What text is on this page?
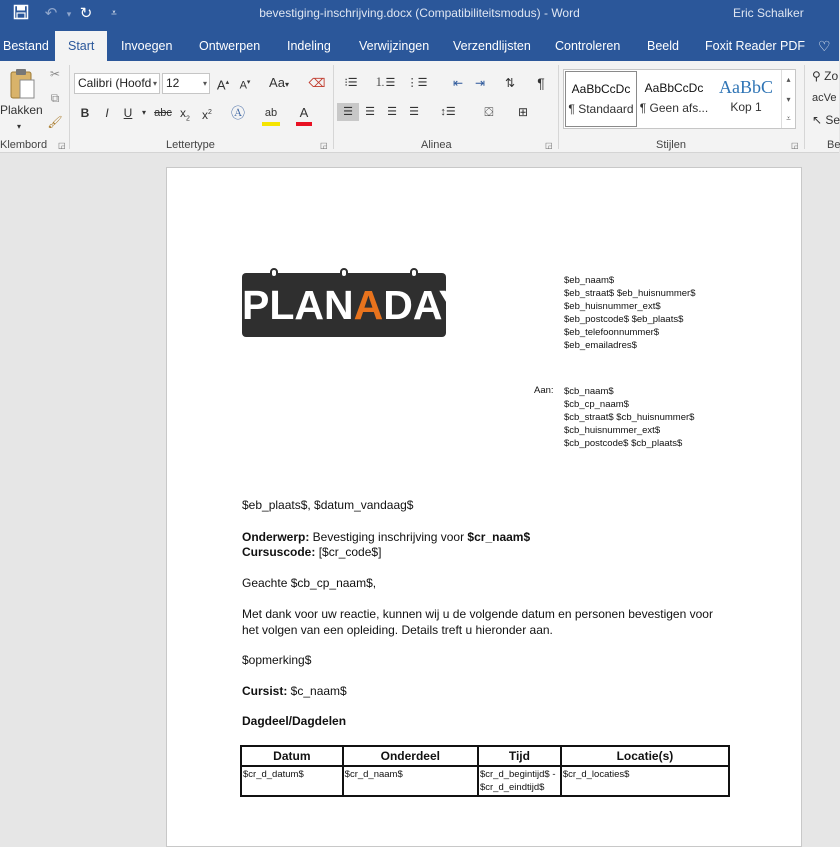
↶	▾ ↻	⩡	bevestiging-inschrijving.docx (Compatibiliteitsmodus) - Word	Eric Schalker
Bestand	Start	Invoegen Ontwerpen Indeling Verwijzingen Verzendlijsten Controleren Beeld Foxit Reader PDF ♡
Plakken
▾
✂
⧉
🖌
Klembord ◲
Calibri (Hoofd ▾ 12	▾ A▴ A▾	Aa▾	⌫
B	I	U	▾ abc $x_2$	$x^2$ Ⓐ ab A
Lettertype	◲
⁝☰	⒈☰ ⋮☰	⇤ ⇥	⇅	¶
☰	☰	☰	☰	↕☰	⛋	⊞
Alinea	◲
AaBbCcDc
¶ Standaard
AaBbCcDc
¶ Geen afs...
AaBbC
Kop 1
▴
▾
⩡
Stijlen	◲
⚲ Zo
acVe
↖ Se
Be
PLANADAY
$eb_naam$
$eb_straat$ $eb_huisnummer$
$eb_huisnummer_ext$
$eb_postcode$ $eb_plaats$
$eb_telefoonnummer$
$eb_emailadres$
Aan: $cb_naam$
$cb_cp_naam$
$cb_straat$ $cb_huisnummer$
$cb_huisnummer_ext$
$cb_postcode$ $cb_plaats$
$eb_plaats$, $datum_vandaag$
Onderwerp: Bevestiging inschrijving voor $cr_naam$
Cursuscode: [$cr_code$]
Geachte $cb_cp_naam$,
Met dank voor uw reactie, kunnen wij u de volgende datum en personen bevestigen voor het volgen van een opleiding. Details treft u hieronder aan.
$opmerking$
Cursist: $c_naam$
Dagdeel/Dagdelen
Datum	Onderdeel	Tijd	Locatie(s)
$cr_d_datum$	$cr_d_naam$	$cr_d_begintijd$ - $cr_d_eindtijd$	$cr_d_locaties$
